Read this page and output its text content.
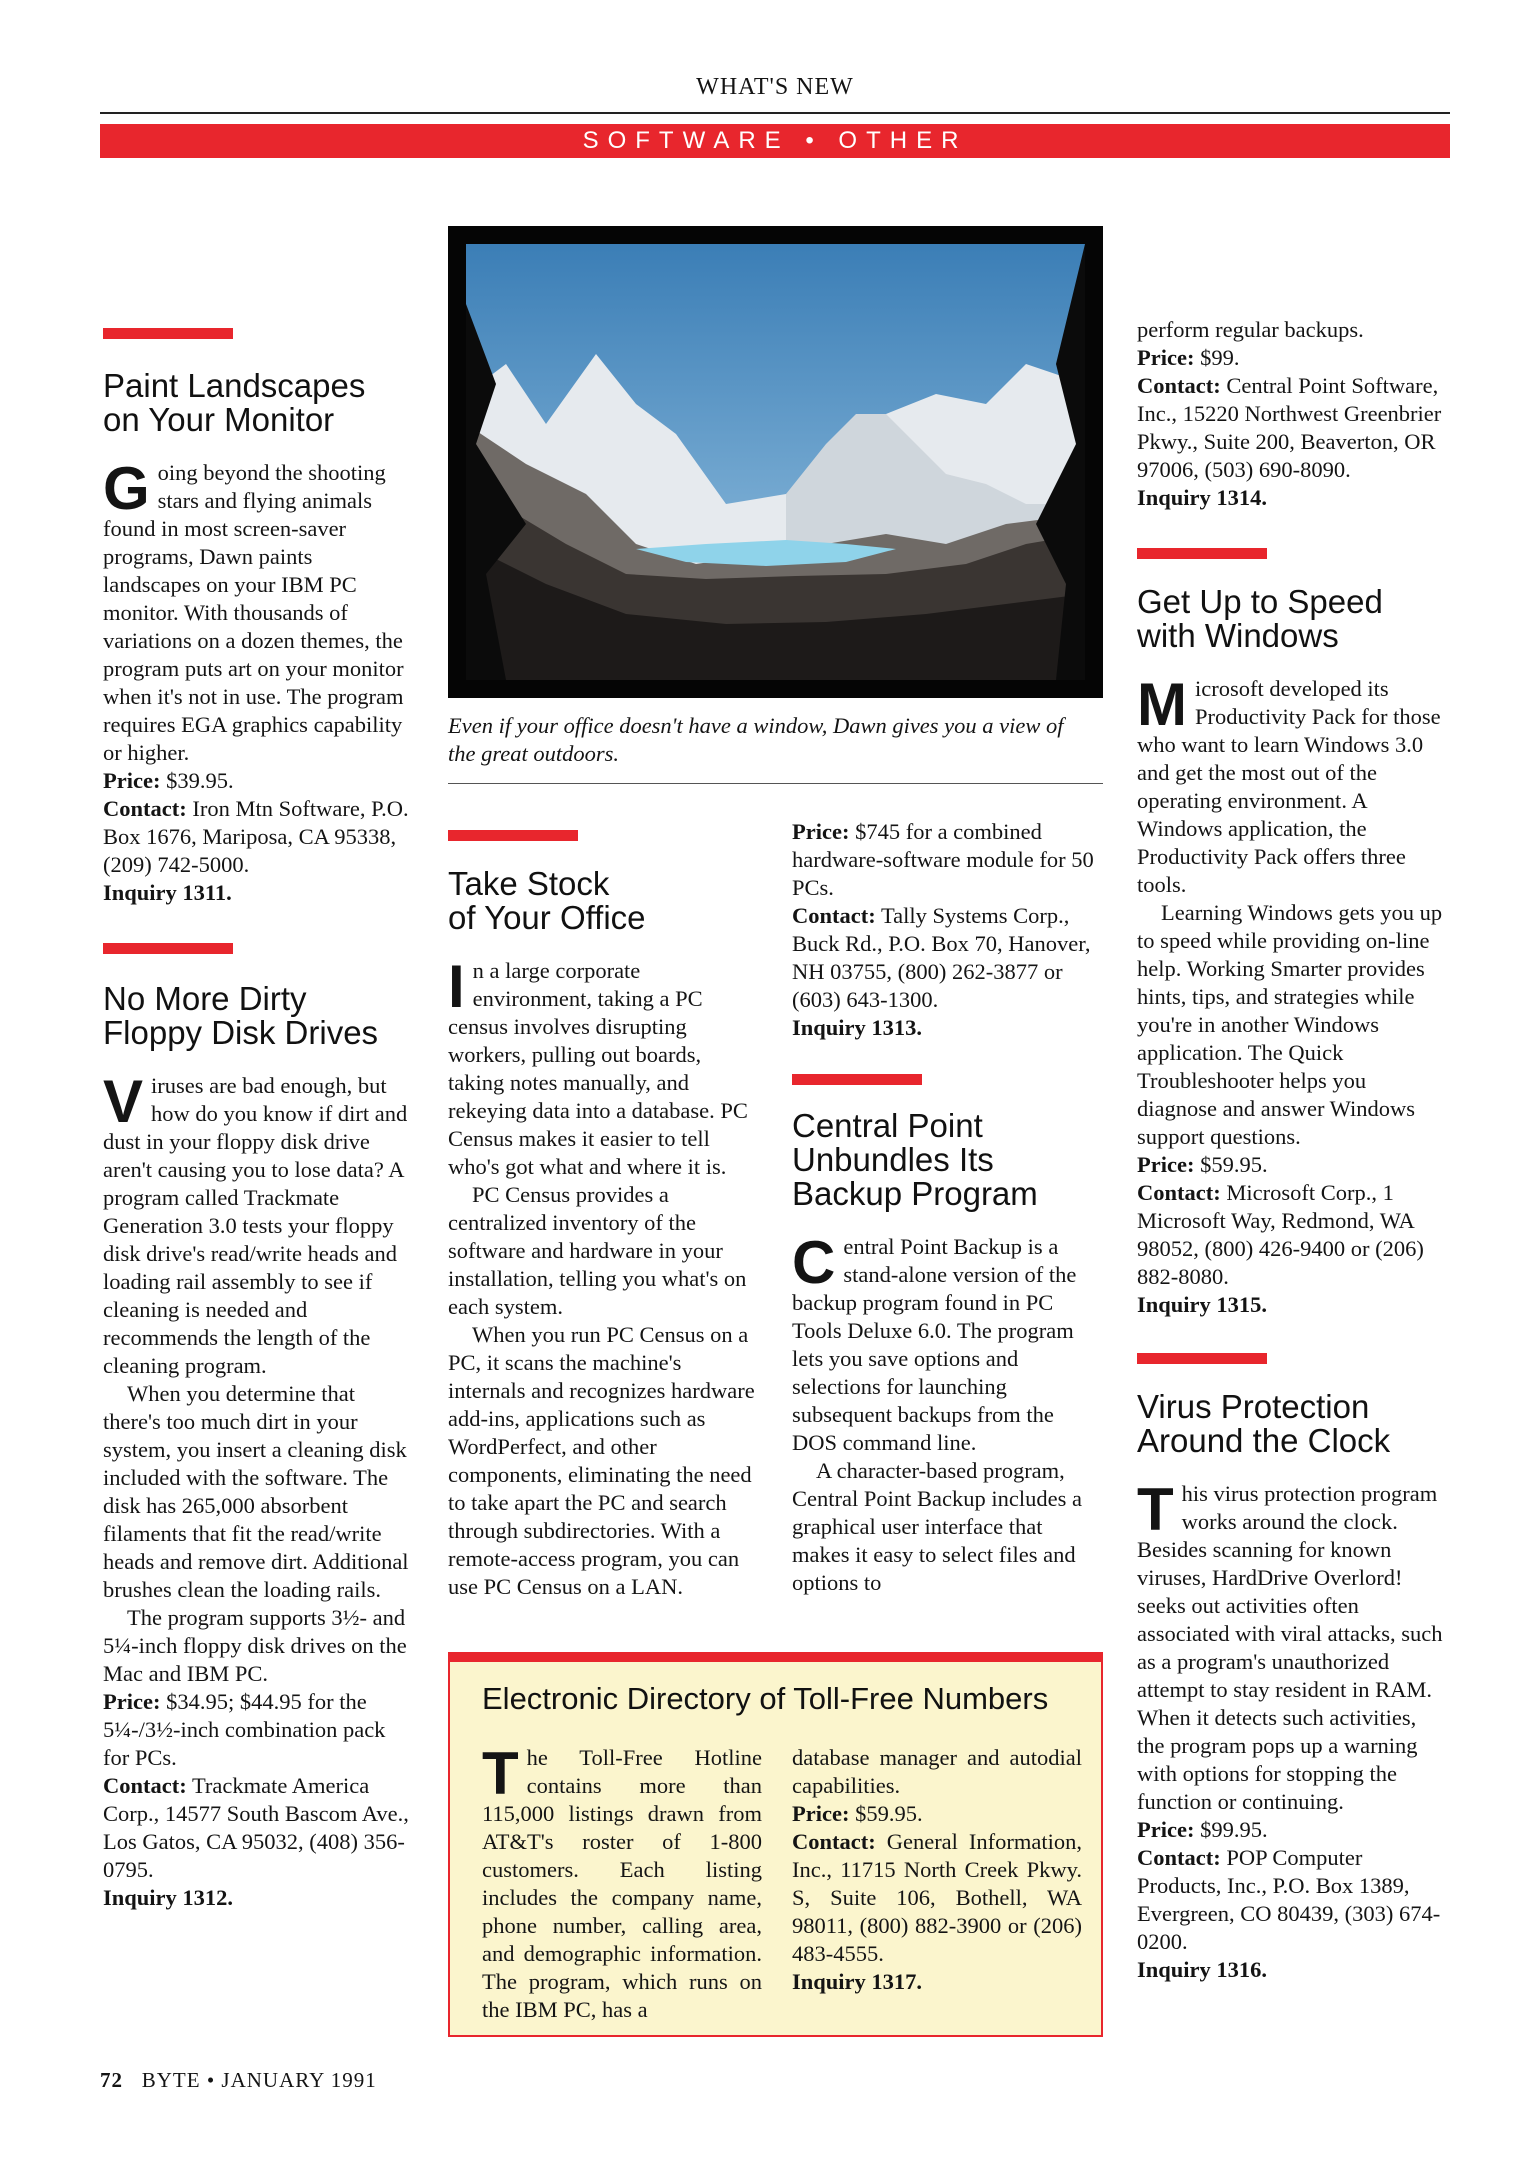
WHAT'S NEW
SOFTWARE • OTHER
Paint Landscapes
on Your Monitor
G oing beyond the shooting stars and flying animals found in most screen-saver programs, Dawn paints landscapes on your IBM PC monitor. With thousands of variations on a dozen themes, the program puts art on your monitor when it's not in use. The program requires EGA graphics capability or higher.

Price: $39.95.

Contact: Iron Mtn Software, P.O. Box 1676, Mariposa, CA 95338, (209) 742-5000.

Inquiry 1311.

No More Dirty
Floppy Disk Drives
V iruses are bad enough, but how do you know if dirt and dust in your floppy disk drive aren't causing you to lose data? A program called Trackmate Generation 3.0 tests your floppy disk drive's read/write heads and loading rail assembly to see if cleaning is needed and recommends the length of the cleaning program.

When you determine that there's too much dirt in your system, you insert a cleaning disk included with the software. The disk has 265,000 absorbent filaments that fit the read/write heads and remove dirt. Additional brushes clean the loading rails.

The program supports 3½- and 5¼-inch floppy disk drives on the Mac and IBM PC.

Price: $34.95; $44.95 for the 5¼-/3½-inch combination pack for PCs.

Contact: Trackmate America Corp., 14577 South Bascom Ave., Los Gatos, CA 95032, (408) 356-0795.

Inquiry 1312.

Even if your office doesn't have a window, Dawn gives you a view of the great outdoors.
Take Stock
of Your Office
I n a large corporate environment, taking a PC census involves disrupting workers, pulling out boards, taking notes manually, and rekeying data into a database. PC Census makes it easier to tell who's got what and where it is.

PC Census provides a centralized inventory of the software and hardware in your installation, telling you what's on each system.

When you run PC Census on a PC, it scans the machine's internals and recognizes hardware add-ins, applications such as WordPerfect, and other components, eliminating the need to take apart the PC and search through subdirectories. With a remote-access program, you can use PC Census on a LAN.

Price: $745 for a combined hardware-software module for 50 PCs.

Contact: Tally Systems Corp., Buck Rd., P.O. Box 70, Hanover, NH 03755, (800) 262-3877 or (603) 643-1300.

Inquiry 1313.

Central Point
Unbundles Its
Backup Program
C entral Point Backup is a stand-alone version of the backup program found in PC Tools Deluxe 6.0. The program lets you save options and selections for launching subsequent backups from the DOS command line.

A character-based program, Central Point Backup includes a graphical user interface that makes it easy to select files and options to

Electronic Directory of Toll-Free Numbers
T he Toll-Free Hotline contains more than 115,000 listings drawn from AT&T's roster of 1-800 customers. Each listing includes the company name, phone number, calling area, and demographic information. The program, which runs on the IBM PC, has a

database manager and autodial capabilities.

Price: $59.95.

Contact: General Information, Inc., 11715 North Creek Pkwy. S, Suite 106, Bothell, WA 98011, (800) 882-3900 or (206) 483-4555.

Inquiry 1317.

perform regular backups.

Price: $99.

Contact: Central Point Software, Inc., 15220 Northwest Greenbrier Pkwy., Suite 200, Beaverton, OR 97006, (503) 690-8090.

Inquiry 1314.

Get Up to Speed
with Windows
M icrosoft developed its Productivity Pack for those who want to learn Windows 3.0 and get the most out of the operating environment. A Windows application, the Productivity Pack offers three tools.

Learning Windows gets you up to speed while providing on-line help. Working Smarter provides hints, tips, and strategies while you're in another Windows application. The Quick Troubleshooter helps you diagnose and answer Windows support questions.

Price: $59.95.

Contact: Microsoft Corp., 1 Microsoft Way, Redmond, WA 98052, (800) 426-9400 or (206) 882-8080.

Inquiry 1315.

Virus Protection
Around the Clock
T his virus protection program works around the clock. Besides scanning for known viruses, HardDrive Overlord! seeks out activities often associated with viral attacks, such as a program's unauthorized attempt to stay resident in RAM. When it detects such activities, the program pops up a warning with options for stopping the function or continuing.

Price: $99.95.

Contact: POP Computer Products, Inc., P.O. Box 1389, Evergreen, CO 80439, (303) 674-0200.

Inquiry 1316.

72 BYTE • JANUARY 1991
